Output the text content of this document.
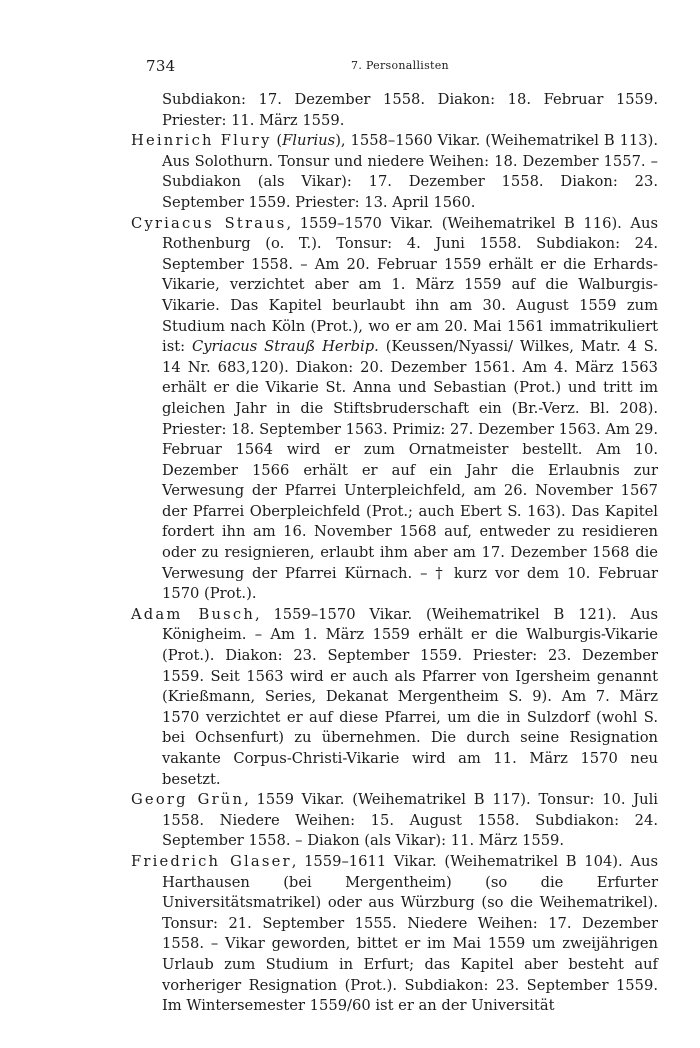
734	7. Personallisten

Subdiakon: 17. Dezember 1558. Diakon: 18. Februar 1559. Priester: 11. März 1559.

Heinrich Flury (Flurius), 1558–1560 Vikar. (Weihematrikel B 113). Aus Solothurn. Tonsur und niedere Weihen: 18. Dezember 1557. – Subdiakon (als Vikar): 17. Dezember 1558. Diakon: 23. September 1559. Priester: 13. April 1560.

Cyriacus Straus, 1559–1570 Vikar. (Weihematrikel B 116). Aus Rothenburg (o. T.). Tonsur: 4. Juni 1558. Subdiakon: 24. September 1558. – Am 20. Februar 1559 erhält er die Erhards-Vikarie, verzichtet aber am 1. März 1559 auf die Walburgis-Vikarie. Das Kapitel beurlaubt ihn am 30. August 1559 zum Studium nach Köln (Prot.), wo er am 20. Mai 1561 immatrikuliert ist: Cyriacus Strauß Herbip. (Keussen/Nyassi/ Wilkes, Matr. 4 S. 14 Nr. 683,120). Diakon: 20. Dezember 1561. Am 4. März 1563 erhält er die Vikarie St. Anna und Sebastian (Prot.) und tritt im gleichen Jahr in die Stiftsbruderschaft ein (Br.-Verz. Bl. 208). Priester: 18. September 1563. Primiz: 27. Dezember 1563. Am 29. Februar 1564 wird er zum Ornatmeister bestellt. Am 10. Dezember 1566 erhält er auf ein Jahr die Erlaubnis zur Verwesung der Pfarrei Unterpleichfeld, am 26. November 1567 der Pfarrei Oberpleichfeld (Prot.; auch Ebert S. 163). Das Kapitel fordert ihn am 16. November 1568 auf, entweder zu residieren oder zu resignieren, erlaubt ihm aber am 17. Dezember 1568 die Verwesung der Pfarrei Kürnach. – † kurz vor dem 10. Februar 1570 (Prot.).

Adam Busch, 1559–1570 Vikar. (Weihematrikel B 121). Aus Königheim. – Am 1. März 1559 erhält er die Walburgis-Vikarie (Prot.). Diakon: 23. September 1559. Priester: 23. Dezember 1559. Seit 1563 wird er auch als Pfarrer von Igersheim genannt (Krießmann, Series, Dekanat Mergentheim S. 9). Am 7. März 1570 verzichtet er auf diese Pfarrei, um die in Sulzdorf (wohl S. bei Ochsenfurt) zu übernehmen. Die durch seine Resignation vakante Corpus-Christi-Vikarie wird am 11. März 1570 neu besetzt.

Georg Grün, 1559 Vikar. (Weihematrikel B 117). Tonsur: 10. Juli 1558. Niedere Weihen: 15. August 1558. Subdiakon: 24. September 1558. – Diakon (als Vikar): 11. März 1559.

Friedrich Glaser, 1559–1611 Vikar. (Weihematrikel B 104). Aus Harthausen (bei Mergentheim) (so die Erfurter Universitätsmatrikel) oder aus Würzburg (so die Weihematrikel). Tonsur: 21. September 1555. Niedere Weihen: 17. Dezember 1558. – Vikar geworden, bittet er im Mai 1559 um zweijährigen Urlaub zum Studium in Erfurt; das Kapitel aber besteht auf vorheriger Resignation (Prot.). Subdiakon: 23. September 1559. Im Wintersemester 1559/60 ist er an der Universität
